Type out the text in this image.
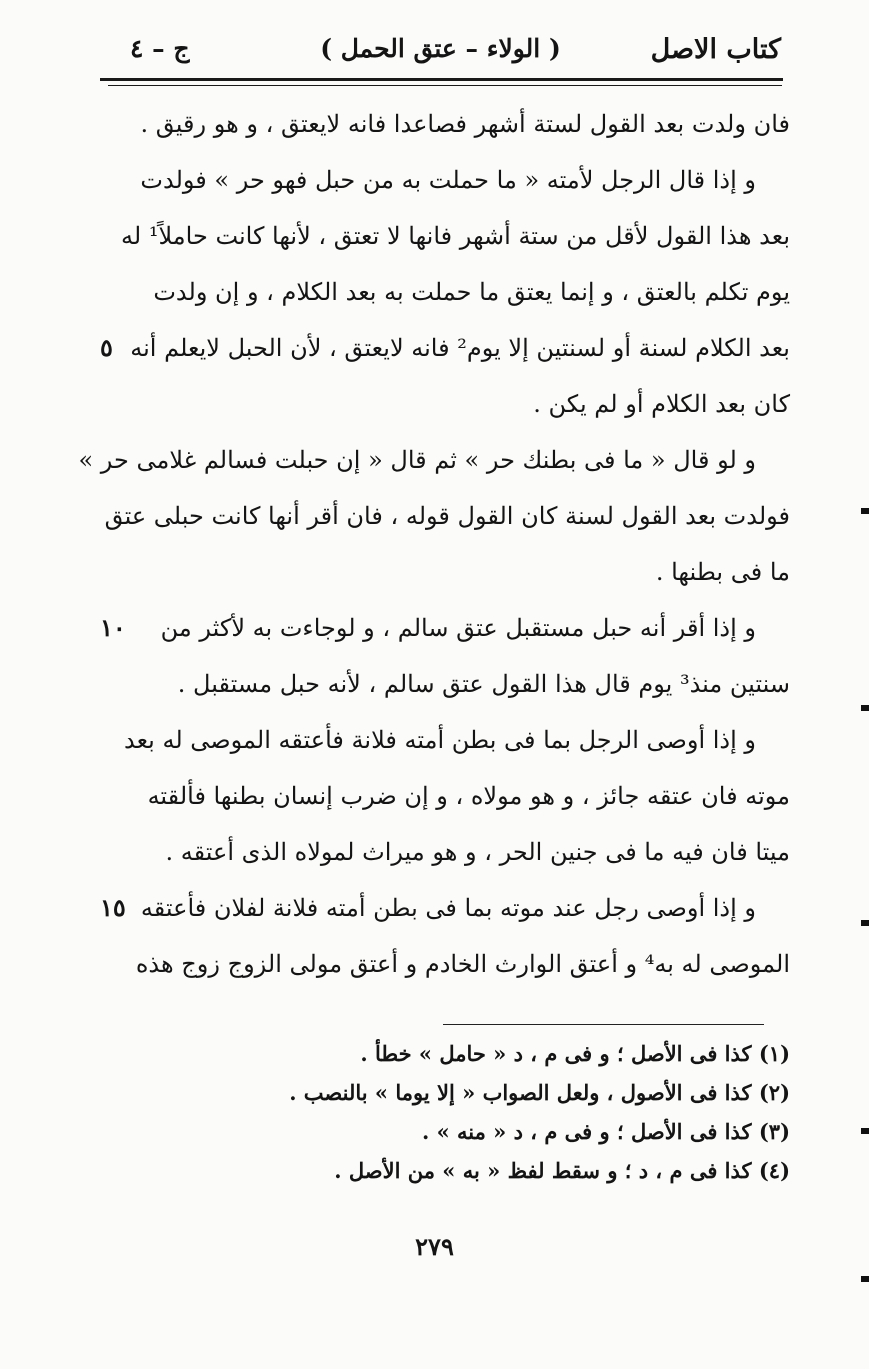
كتاب الاصل
( الولاء – عتق الحمل )
ج – ٤
فان ولدت بعد القول لستة أشهر فصاعدا فانه لايعتق ، و هو رقيق .
و إذا قال الرجل لأمته « ما حملت به من حبل فهو حر » فولدت
بعد هذا القول لأقل من ستة أشهر فانها لا تعتق ، لأنها كانت حاملاً¹ له
يوم تكلم بالعتق ، و إنما يعتق ما حملت به بعد الكلام ، و إن ولدت
بعد الكلام لسنة أو لسنتين إلا يوم² فانه لايعتق ، لأن الحبل لايعلم أنه
٥
كان بعد الكلام أو لم يكن .
و لو قال « ما فى بطنك حر » ثم قال « إن حبلت فسالم غلامى حر »
فولدت بعد القول لسنة كان القول قوله ، فان أقر أنها كانت حبلى عتق
ما فى بطنها .
و إذا أقر أنه حبل مستقبل عتق سالم ، و لوجاءت به لأكثر من
١٠
سنتين منذ³ يوم قال هذا القول عتق سالم ، لأنه حبل مستقبل .
و إذا أوصى الرجل بما فى بطن أمته فلانة فأعتقه الموصى له بعد
موته فان عتقه جائز ، و هو مولاه ، و إن ضرب إنسان بطنها فألقته
ميتا فان فيه ما فى جنين الحر ، و هو ميراث لمولاه الذى أعتقه .
و إذا أوصى رجل عند موته بما فى بطن أمته فلانة لفلان فأعتقه
١٥
الموصى له به⁴ و أعتق الوارث الخادم و أعتق مولى الزوج زوج هذه
(١) كذا فى الأصل ؛ و فى م ، د « حامل » خطأ .
(٢) كذا فى الأصول ، ولعل الصواب « إلا يوما » بالنصب .
(٣) كذا فى الأصل ؛ و فى م ، د « منه » .
(٤) كذا فى م ، د ؛ و سقط لفظ « به » من الأصل .
٢٧٩
